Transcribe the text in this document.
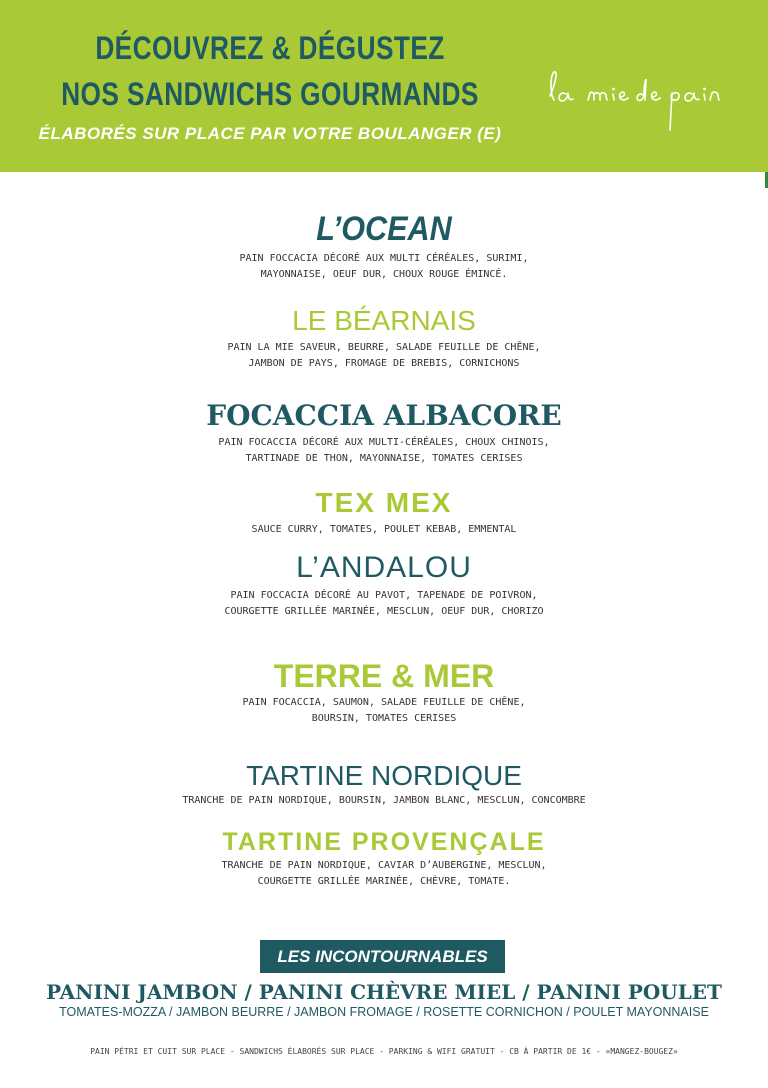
DÉCOUVREZ & DÉGUSTEZ
NOS SANDWICHS GOURMANDS
ÉLABORÉS SUR PLACE PAR VOTRE BOULANGER (E)
L’OCEAN
PAIN FOCCACIA DÉCORÉ AUX MULTI CÉRÉALES, SURIMI,
MAYONNAISE, OEUF DUR, CHOUX ROUGE ÉMINCÉ.
LE BÉARNAIS
PAIN LA MIE SAVEUR, BEURRE, SALADE FEUILLE DE CHÊNE,
JAMBON DE PAYS, FROMAGE DE BREBIS, CORNICHONS
FOCACCIA ALBACORE
PAIN FOCACCIA DÉCORÉ AUX MULTI-CÉRÉALES, CHOUX CHINOIS,
TARTINADE DE THON, MAYONNAISE, TOMATES CERISES
TEX MEX
SAUCE CURRY, TOMATES, POULET KEBAB, EMMENTAL
L’ANDALOU
PAIN FOCCACIA DÉCORÉ AU PAVOT, TAPENADE DE POIVRON,
COURGETTE GRILLÉE MARINÉE, MESCLUN, OEUF DUR, CHORIZO
TERRE & MER
PAIN FOCACCIA, SAUMON, SALADE FEUILLE DE CHÊNE,
BOURSIN, TOMATES CERISES
TARTINE NORDIQUE
TRANCHE DE PAIN NORDIQUE, BOURSIN, JAMBON BLANC, MESCLUN, CONCOMBRE
TARTINE PROVENÇALE
TRANCHE DE PAIN NORDIQUE, CAVIAR D’AUBERGINE, MESCLUN,
COURGETTE GRILLÉE MARINÉE, CHÈVRE, TOMATE.
LES INCONTOURNABLES
PANINI JAMBON / PANINI CHÈVRE MIEL / PANINI POULET
TOMATES-MOZZA / JAMBON BEURRE / JAMBON FROMAGE / ROSETTE CORNICHON / POULET MAYONNAISE
PAIN PÉTRI ET CUIT SUR PLACE - SANDWICHS ÉLABORÉS SUR PLACE - PARKING & WIFI GRATUIT - CB À PARTIR DE 1€ - «MANGEZ-BOUGEZ»
